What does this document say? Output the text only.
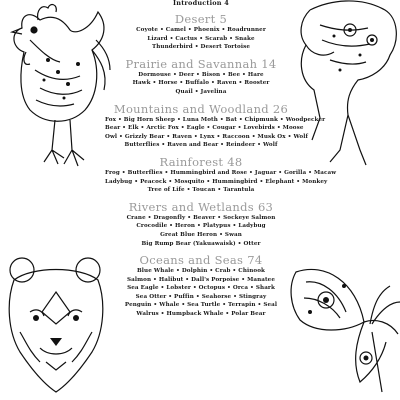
Introduction 4
Desert 5
Coyote • Camel • Phoenix • Roadrunner
Lizard • Cactus • Scarab • Snake
Thunderbird • Desert Tortoise
Prairie and Savannah 14
Dormouse • Deer • Bison • Bee • Hare
Hawk • Horse • Buffalo • Raven • Rooster
Quail • Javelina
Mountains and Woodland 26
Fox • Big Horn Sheep • Luna Moth • Bat • Chipmunk • Woodpecker
Bear • Elk • Arctic Fox • Eagle • Cougar • Lovebirds • Moose
Owl • Grizzly Bear • Raven • Lynx • Raccoon • Musk Ox • Wolf
Butterflies • Raven and Bear • Reindeer • Wolf
Rainforest 48
Frog • Butterflies • Hummingbird and Rose • Jaguar • Gorilla • Macaw
Ladybug • Peacock • Mosquito • Hummingbird • Elephant • Monkey
Tree of Life • Toucan • Tarantula
Rivers and Wetlands 63
Crane • Dragonfly • Beaver • Sockeye Salmon
Crocodile • Heron • Platypus • Ladybug
Great Blue Heron • Swan
Big Rump Bear (Yakuawaisk) • Otter
Oceans and Seas 74
Blue Whale • Dolphin • Crab • Chinook
Salmon • Halibut • Dall's Porpoise • Manatee
Sea Eagle • Lobster • Octopus • Orca • Shark
Sea Otter • Puffin • Seahorse • Stingray
Penguin • Whale • Sea Turtle • Terrapin • Seal
Walrus • Humpback Whale • Polar Bear
